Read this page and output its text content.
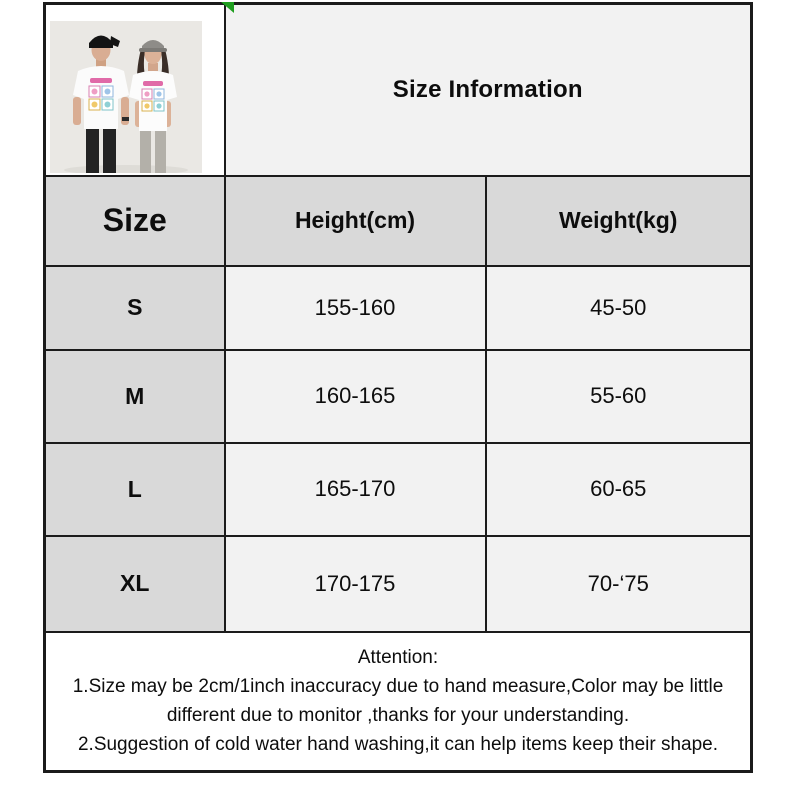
	Size Information	
Size	Height(cm)	Weight(kg)
S	155-160	45-50
M	160-165	55-60
L	165-170	60-65
XL	170-175	70-‘75

Attention:
1.Size may be 2cm/1inch inaccuracy due to hand measure,Color may be little
different due to monitor ,thanks for your understanding.
2.Suggestion of cold water hand washing,it can help items keep their shape.		
